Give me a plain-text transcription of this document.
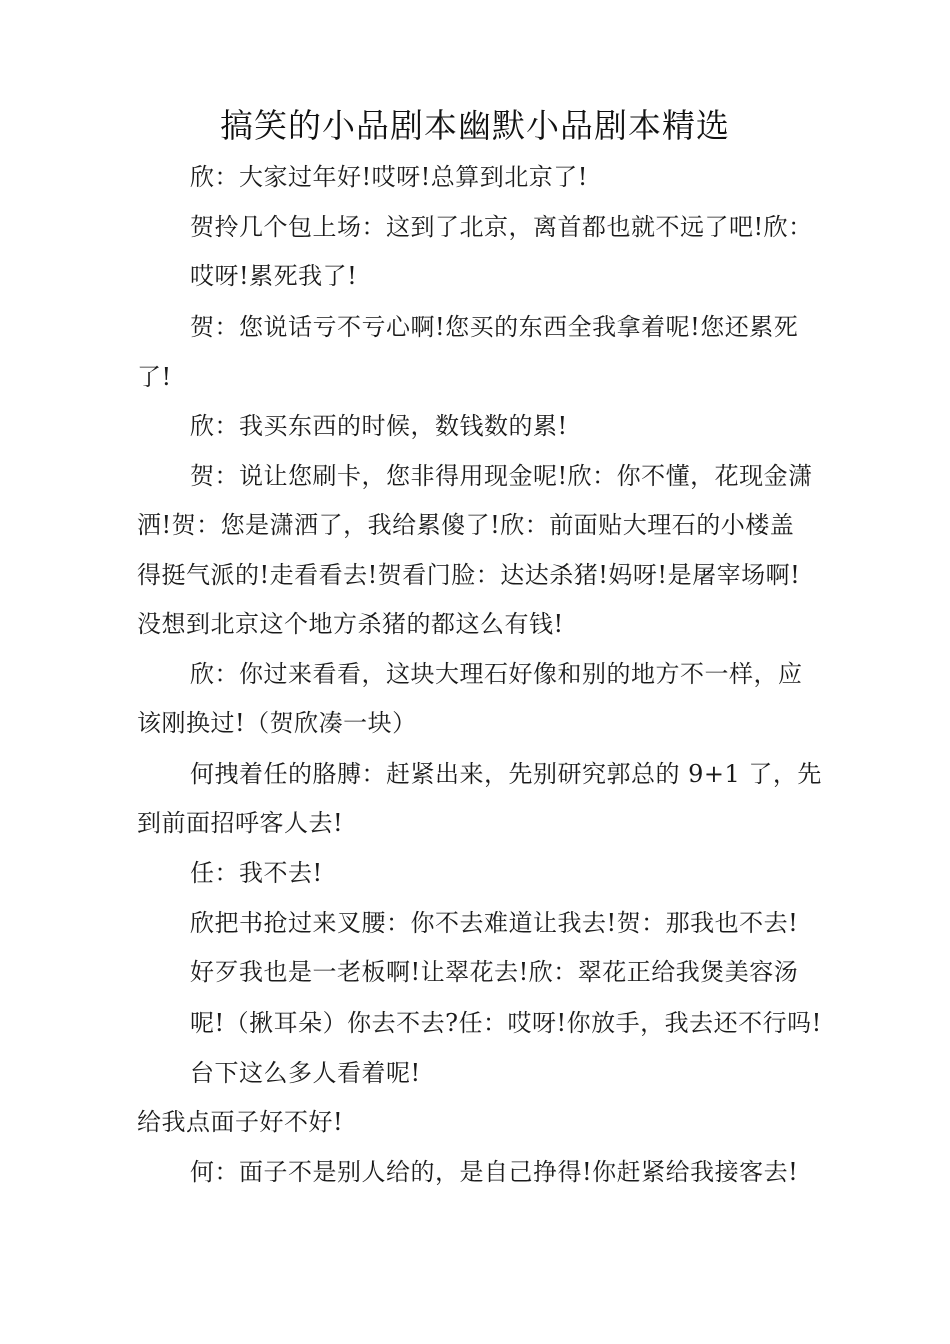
搞笑的小品剧本幽默小品剧本精选
欣：大家过年好!哎呀!总算到北京了!
贺拎几个包上场：这到了北京，离首都也就不远了吧!欣：
哎呀!累死我了!
贺：您说话亏不亏心啊!您买的东西全我拿着呢!您还累死
了!
欣：我买东西的时候，数钱数的累!
贺：说让您刷卡，您非得用现金呢!欣：你不懂，花现金潇
洒!贺：您是潇洒了，我给累傻了!欣：前面贴大理石的小楼盖
得挺气派的!走看看去!贺看门脸：达达杀猪!妈呀!是屠宰场啊!
没想到北京这个地方杀猪的都这么有钱!
欣：你过来看看，这块大理石好像和别的地方不一样，应
该刚换过!（贺欣凑一块）
何拽着任的胳膊：赶紧出来，先别研究郭总的 9+1 了，先
到前面招呼客人去!
任：我不去!
欣把书抢过来叉腰：你不去难道让我去!贺：那我也不去!
好歹我也是一老板啊!让翠花去!欣：翠花正给我煲美容汤
呢!（揪耳朵）你去不去?任：哎呀!你放手，我去还不行吗!
台下这么多人看着呢!
给我点面子好不好!
何：面子不是别人给的，是自己挣得!你赶紧给我接客去!
